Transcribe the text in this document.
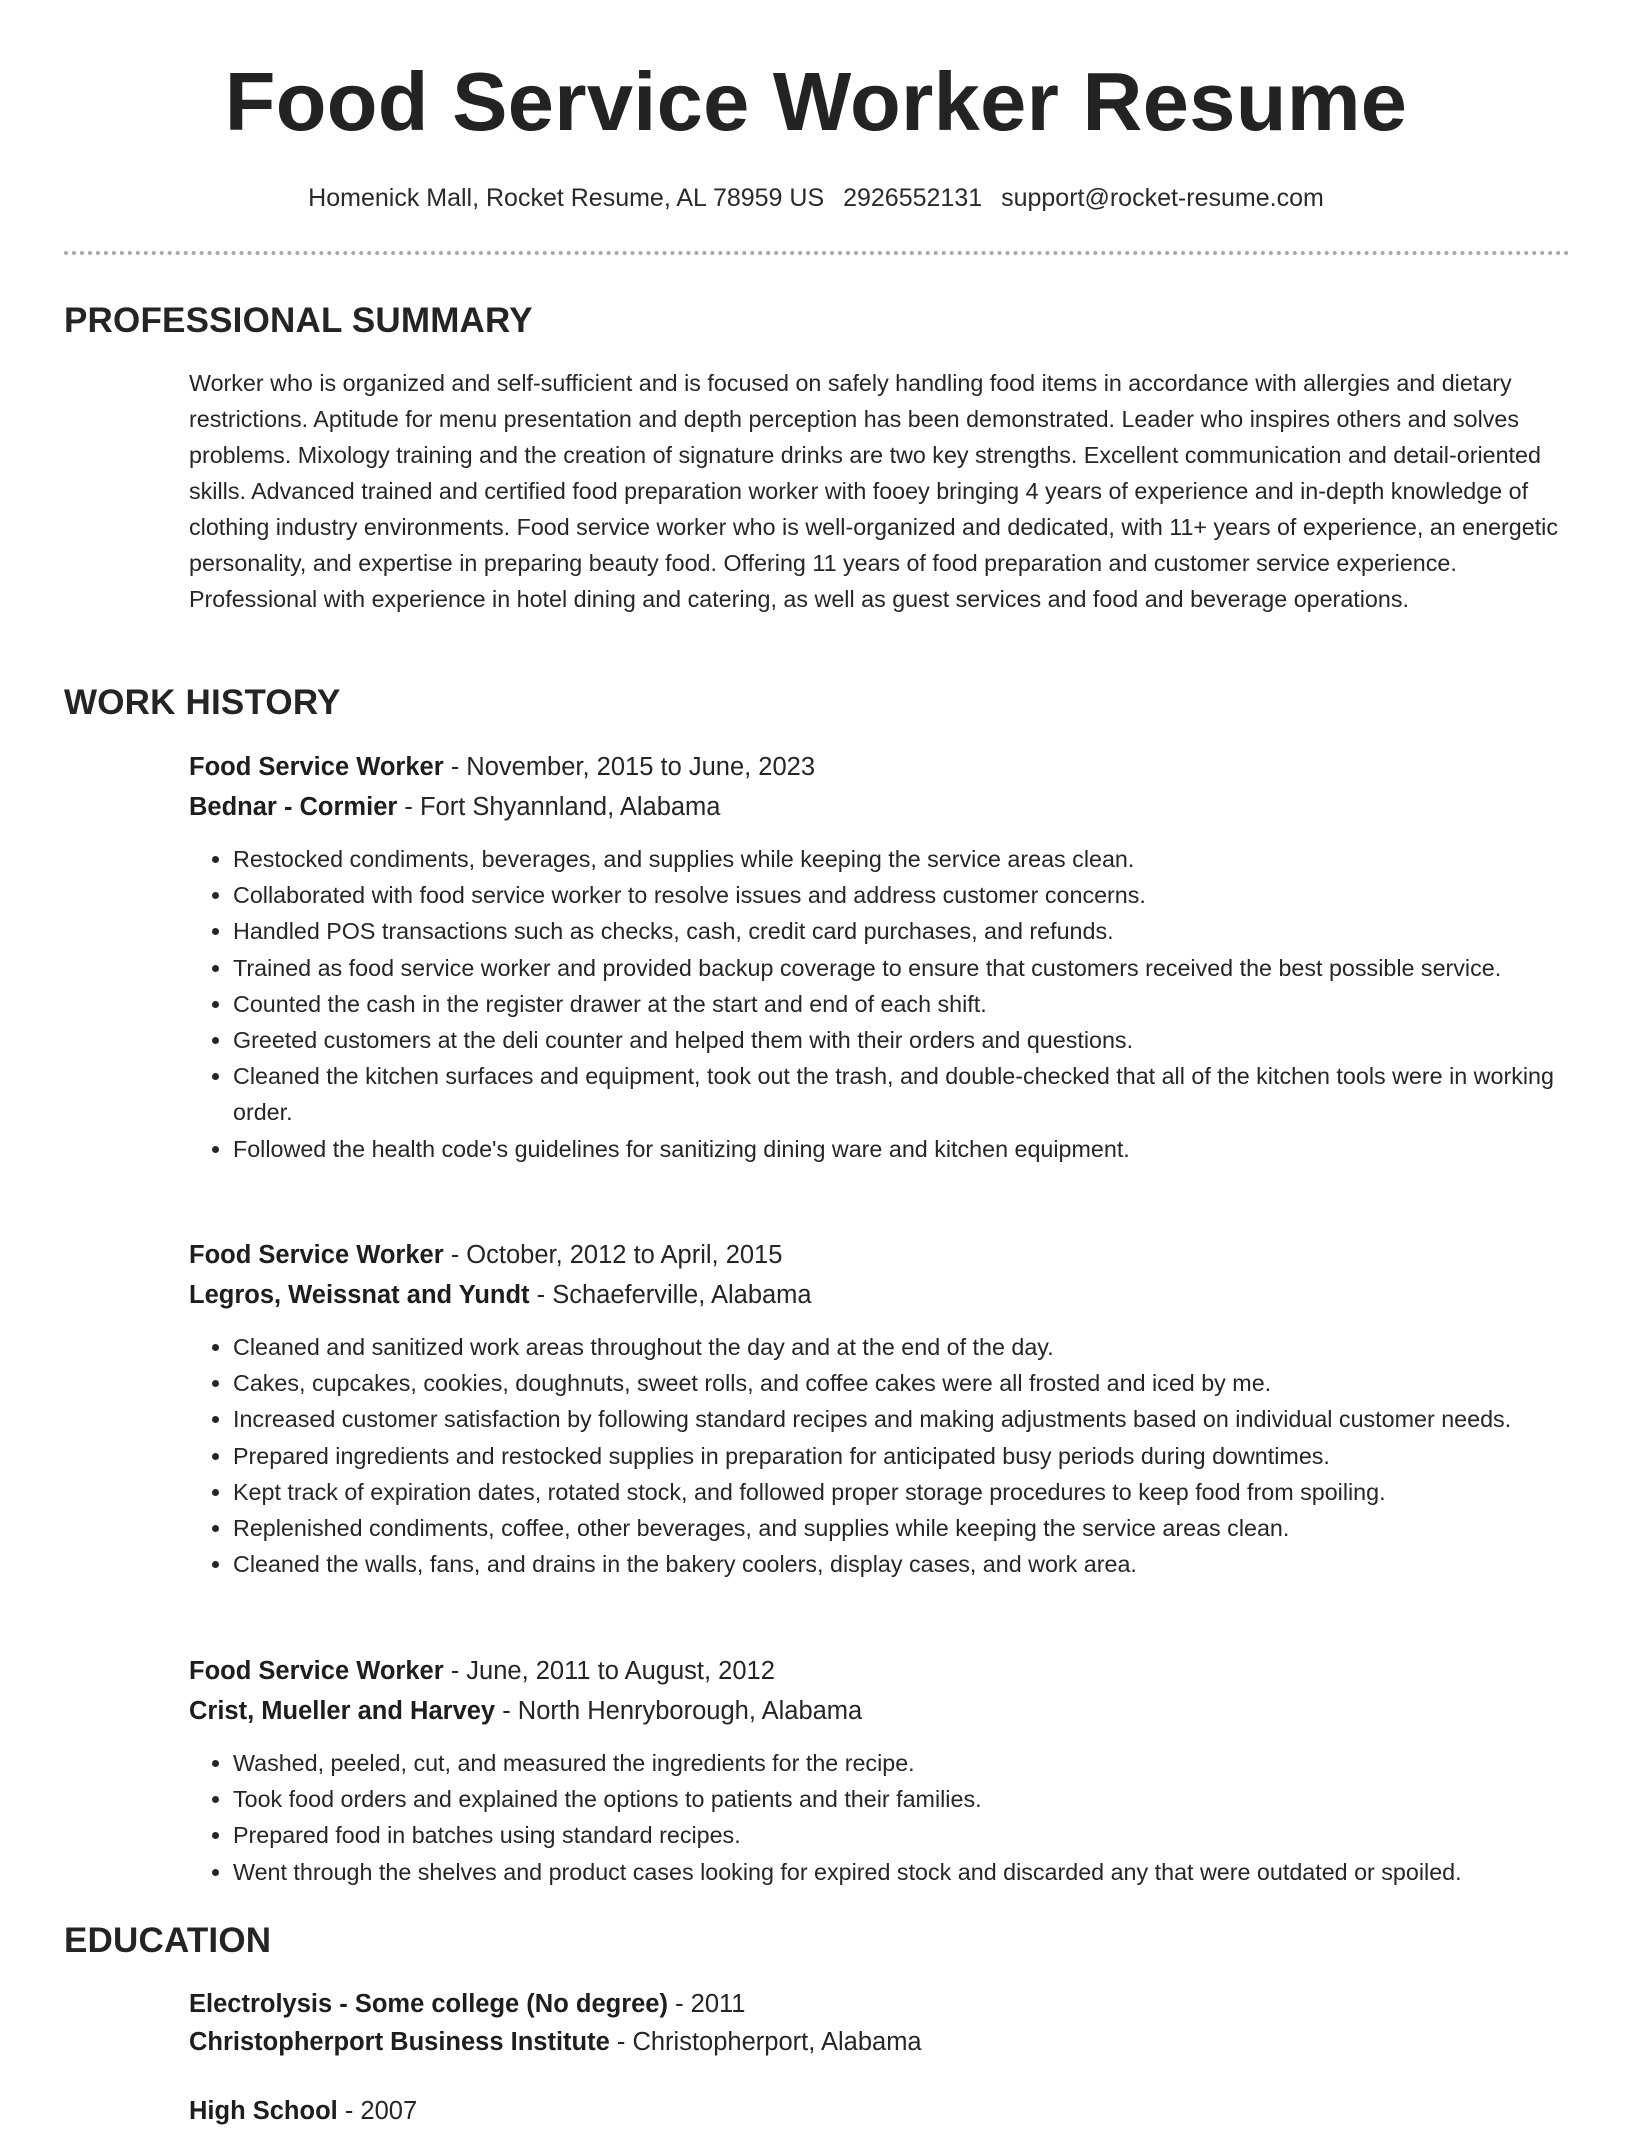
Food Service Worker Resume
Homenick Mall, Rocket Resume, AL 78959 US 2926552131 support@rocket-resume.com
PROFESSIONAL SUMMARY

Worker who is organized and self-sufficient and is focused on safely handling food items in accordance with allergies and dietary restrictions. Aptitude for menu presentation and depth perception has been demonstrated. Leader who inspires others and solves problems. Mixology training and the creation of signature drinks are two key strengths. Excellent communication and detail-oriented skills. Advanced trained and certified food preparation worker with fooey bringing 4 years of experience and in-depth knowledge of clothing industry environments. Food service worker who is well-organized and dedicated, with 11+ years of experience, an energetic personality, and expertise in preparing beauty food. Offering 11 years of food preparation and customer service experience. Professional with experience in hotel dining and catering, as well as guest services and food and beverage operations.

WORK HISTORY
Food Service Worker - November, 2015 to June, 2023
Bednar - Cormier - Fort Shyannland, Alabama
• Restocked condiments, beverages, and supplies while keeping the service areas clean.
• Collaborated with food service worker to resolve issues and address customer concerns.
• Handled POS transactions such as checks, cash, credit card purchases, and refunds.
• Trained as food service worker and provided backup coverage to ensure that customers received the best possible service.
• Counted the cash in the register drawer at the start and end of each shift.
• Greeted customers at the deli counter and helped them with their orders and questions.
• Cleaned the kitchen surfaces and equipment, took out the trash, and double-checked that all of the kitchen tools were in working order.
• Followed the health code's guidelines for sanitizing dining ware and kitchen equipment.
Food Service Worker - October, 2012 to April, 2015
Legros, Weissnat and Yundt - Schaeferville, Alabama
• Cleaned and sanitized work areas throughout the day and at the end of the day.
• Cakes, cupcakes, cookies, doughnuts, sweet rolls, and coffee cakes were all frosted and iced by me.
• Increased customer satisfaction by following standard recipes and making adjustments based on individual customer needs.
• Prepared ingredients and restocked supplies in preparation for anticipated busy periods during downtimes.
• Kept track of expiration dates, rotated stock, and followed proper storage procedures to keep food from spoiling.
• Replenished condiments, coffee, other beverages, and supplies while keeping the service areas clean.
• Cleaned the walls, fans, and drains in the bakery coolers, display cases, and work area.
Food Service Worker - June, 2011 to August, 2012
Crist, Mueller and Harvey - North Henryborough, Alabama
• Washed, peeled, cut, and measured the ingredients for the recipe.
• Took food orders and explained the options to patients and their families.
• Prepared food in batches using standard recipes.
• Went through the shelves and product cases looking for expired stock and discarded any that were outdated or spoiled.
EDUCATION
Electrolysis - Some college (No degree) - 2011
Christopherport Business Institute - Christopherport, Alabama
High School - 2007
